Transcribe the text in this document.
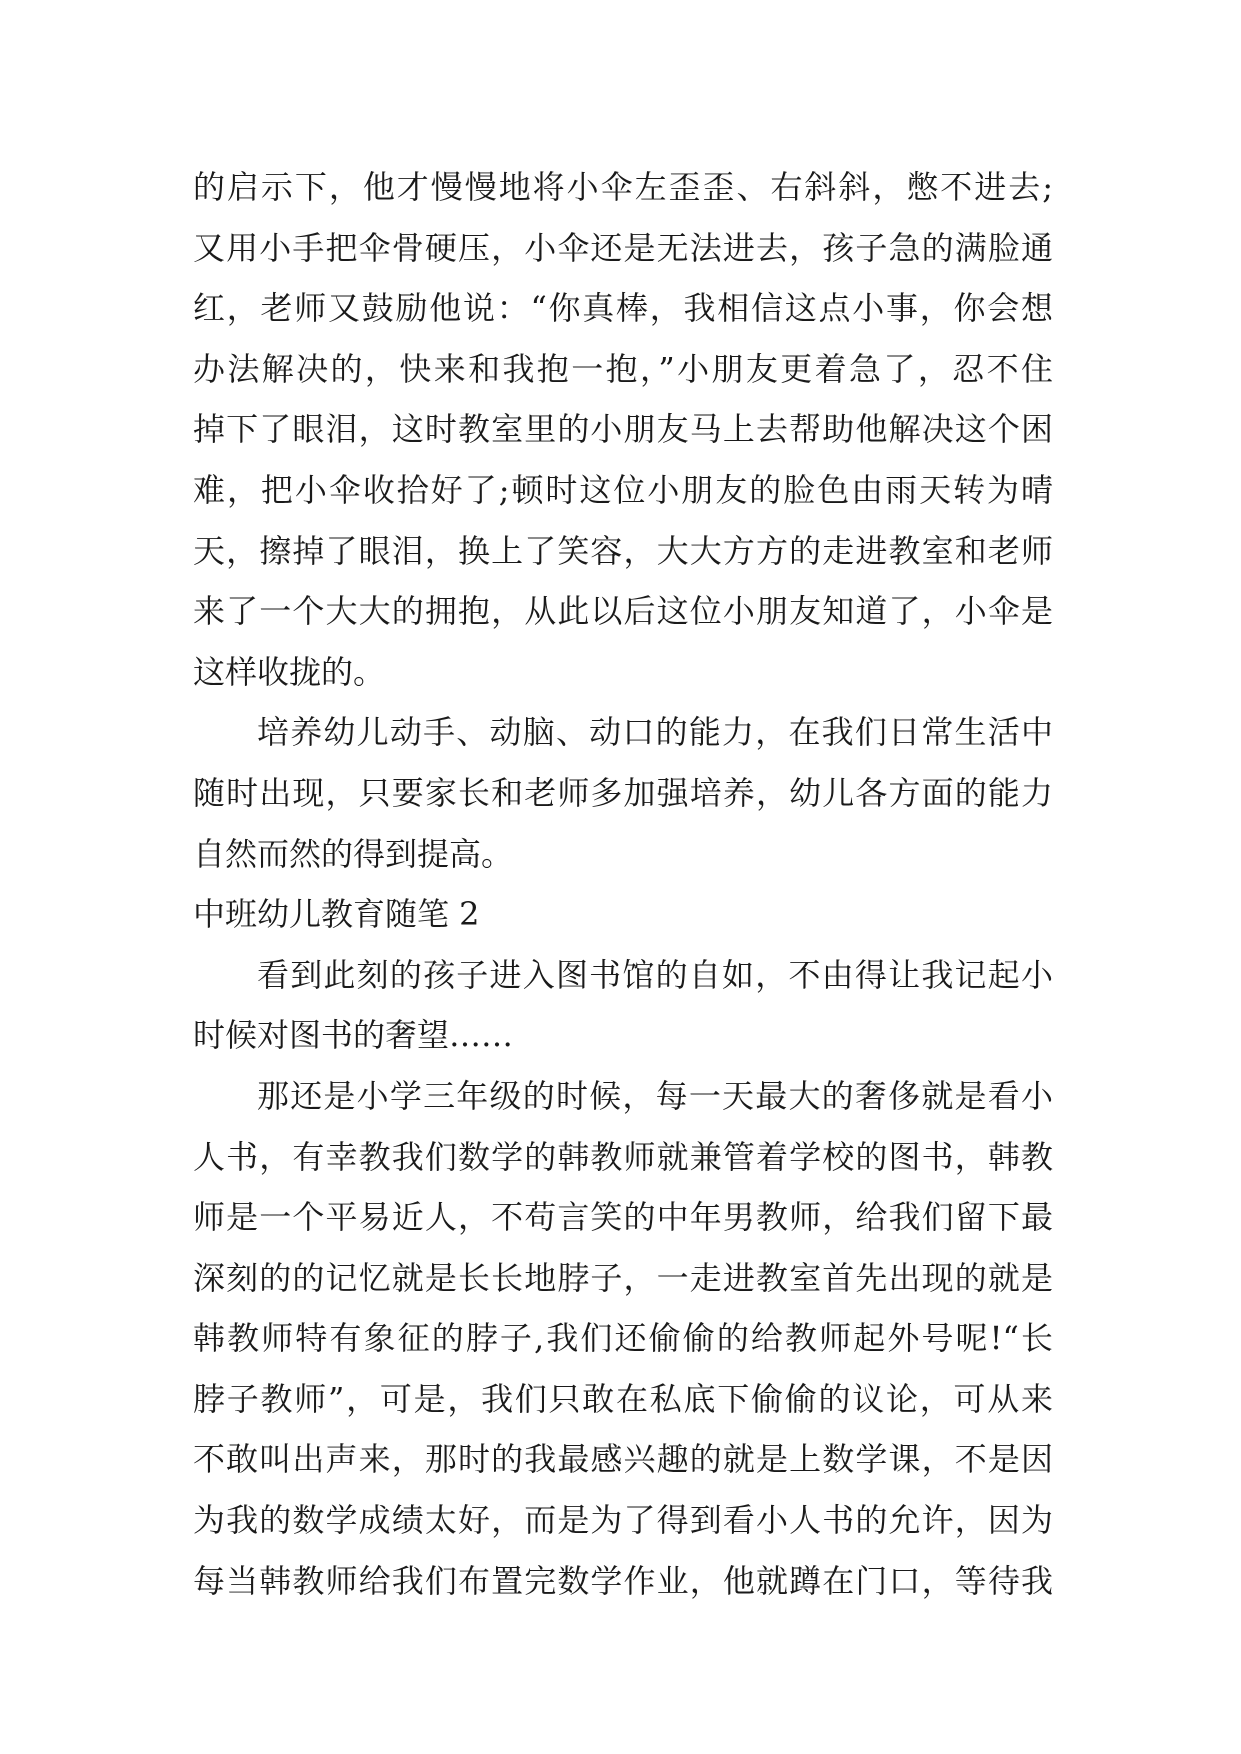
的启示下，他才慢慢地将小伞左歪歪、右斜斜，憋不进去;
又用小手把伞骨硬压，小伞还是无法进去，孩子急的满脸通
红，老师又鼓励他说：“你真棒，我相信这点小事，你会想
办法解决的，快来和我抱一抱，”小朋友更着急了，忍不住
掉下了眼泪，这时教室里的小朋友马上去帮助他解决这个困
难，把小伞收拾好了;顿时这位小朋友的脸色由雨天转为晴
天，擦掉了眼泪，换上了笑容，大大方方的走进教室和老师
来了一个大大的拥抱，从此以后这位小朋友知道了，小伞是
这样收拢的。
培养幼儿动手、动脑、动口的能力，在我们日常生活中
随时出现，只要家长和老师多加强培养，幼儿各方面的能力
自然而然的得到提高。
中班幼儿教育随笔 2
看到此刻的孩子进入图书馆的自如，不由得让我记起小
时候对图书的奢望……
那还是小学三年级的时候，每一天最大的奢侈就是看小
人书，有幸教我们数学的韩教师就兼管着学校的图书，韩教
师是一个平易近人，不苟言笑的中年男教师，给我们留下最
深刻的的记忆就是长长地脖子，一走进教室首先出现的就是
韩教师特有象征的脖子,我们还偷偷的给教师起外号呢!“长
脖子教师”，可是，我们只敢在私底下偷偷的议论，可从来
不敢叫出声来，那时的我最感兴趣的就是上数学课，不是因
为我的数学成绩太好，而是为了得到看小人书的允许，因为
每当韩教师给我们布置完数学作业，他就蹲在门口，等待我
